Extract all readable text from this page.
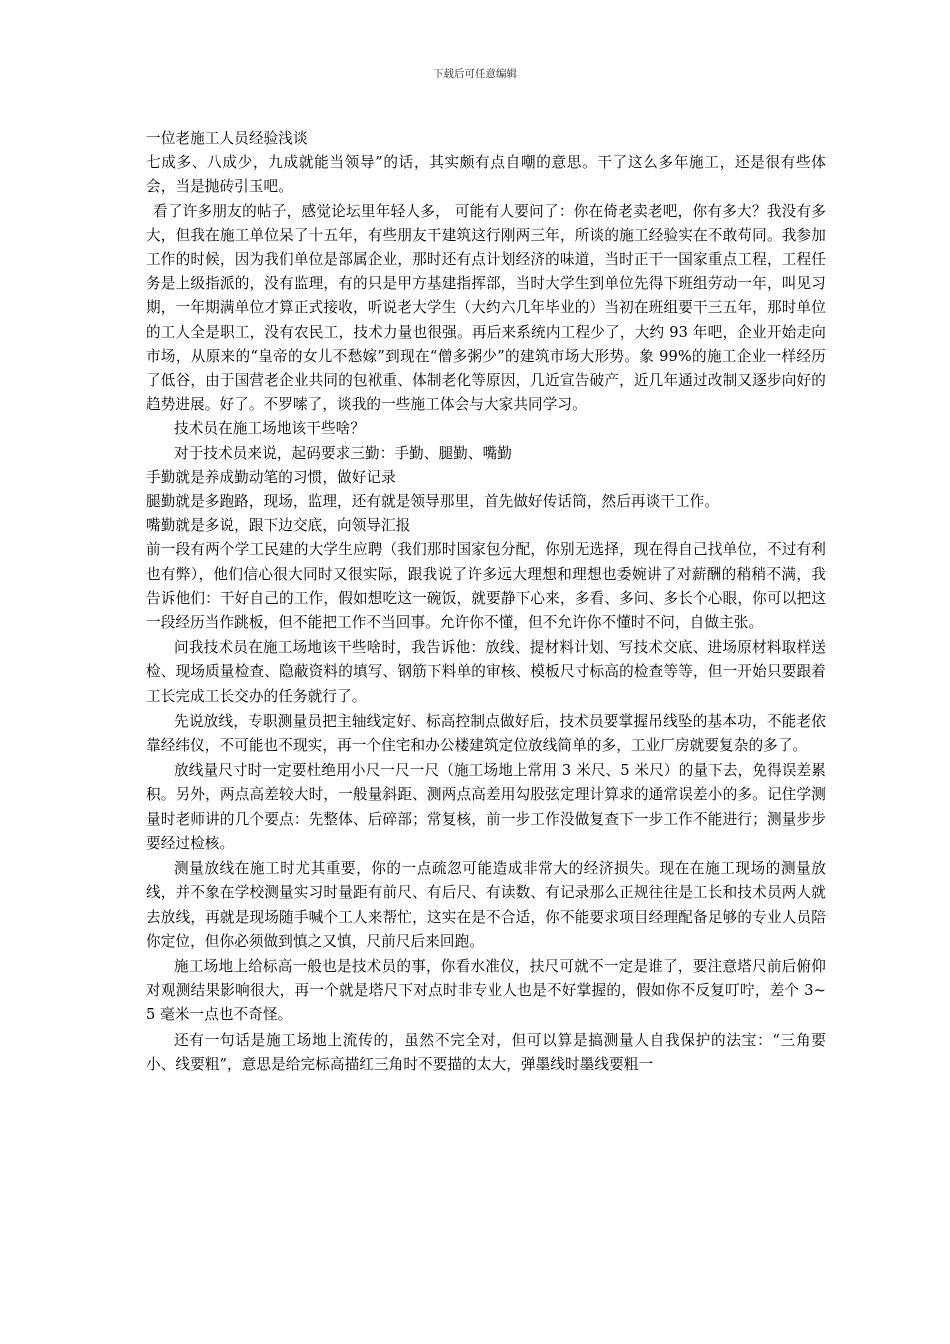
下载后可任意编辑

一位老施工人员经验浅谈

七成多、八成少，九成就能当领导”的话，其实颇有点自嘲的意思。干了这么多年施工，还是很有些体会，当是抛砖引玉吧。

看了许多朋友的帖子，感觉论坛里年轻人多， 可能有人要问了：你在倚老卖老吧，你有多大？我没有多大，但我在施工单位呆了十五年，有些朋友干建筑这行刚两三年，所谈的施工经验实在不敢苟同。我参加工作的时候，因为我们单位是部属企业，那时还有点计划经济的味道，当时正干一国家重点工程，工程任务是上级指派的，没有监理，有的只是甲方基建指挥部，当时大学生到单位先得下班组劳动一年，叫见习期，一年期满单位才算正式接收，听说老大学生（大约六几年毕业的）当初在班组要干三五年，那时单位的工人全是职工，没有农民工，技术力量也很强。再后来系统内工程少了，大约 93 年吧，企业开始走向市场，从原来的“皇帝的女儿不愁嫁”到现在“僧多粥少”的建筑市场大形势。象 99%的施工企业一样经历了低谷，由于国营老企业共同的包袱重、体制老化等原因，几近宣告破产，近几年通过改制又逐步向好的趋势进展。好了。不罗嗦了，谈我的一些施工体会与大家共同学习。

技术员在施工场地该干些啥？

对于技术员来说，起码要求三勤：手勤、腿勤、嘴勤

手勤就是养成勤动笔的习惯，做好记录

腿勤就是多跑路，现场，监理，还有就是领导那里，首先做好传话筒，然后再谈干工作。

嘴勤就是多说，跟下边交底，向领导汇报

前一段有两个学工民建的大学生应聘（我们那时国家包分配，你别无选择，现在得自己找单位，不过有利也有弊），他们信心很大同时又很实际，跟我说了许多远大理想和理想也委婉讲了对薪酬的稍稍不满，我告诉他们：干好自己的工作，假如想吃这一碗饭，就要静下心来，多看、多问、多长个心眼，你可以把这一段经历当作跳板，但不能把工作不当回事。允许你不懂，但不允许你不懂时不问，自做主张。

问我技术员在施工场地该干些啥时，我告诉他：放线、提材料计划、写技术交底、进场原材料取样送检、现场质量检查、隐蔽资料的填写、钢筋下料单的审核、模板尺寸标高的检查等等，但一开始只要跟着工长完成工长交办的任务就行了。

先说放线，专职测量员把主轴线定好、标高控制点做好后，技术员要掌握吊线坠的基本功，不能老依靠经纬仪，不可能也不现实，再一个住宅和办公楼建筑定位放线简单的多，工业厂房就要复杂的多了。

放线量尺寸时一定要杜绝用小尺一尺一尺（施工场地上常用 3 米尺、5 米尺）的量下去，免得误差累积。另外，两点高差较大时，一般量斜距、测两点高差用勾股弦定理计算求的通常误差小的多。记住学测量时老师讲的几个要点：先整体、后碎部；常复核，前一步工作没做复查下一步工作不能进行；测量步步要经过检核。

测量放线在施工时尤其重要，你的一点疏忽可能造成非常大的经济损失。现在在施工现场的测量放线，并不象在学校测量实习时量距有前尺、有后尺、有读数、有记录那么正规往往是工长和技术员两人就去放线，再就是现场随手喊个工人来帮忙，这实在是不合适，你不能要求项目经理配备足够的专业人员陪你定位，但你必须做到慎之又慎，尺前尺后来回跑。

施工场地上给标高一般也是技术员的事，你看水准仪，扶尺可就不一定是谁了，要注意塔尺前后俯仰对观测结果影响很大，再一个就是塔尺下对点时非专业人也是不好掌握的，假如你不反复叮咛，差个 3~5 毫米一点也不奇怪。

还有一句话是施工场地上流传的，虽然不完全对，但可以算是搞测量人自我保护的法宝：“三角要小、线要粗”，意思是给完标高描红三角时不要描的太大，弹墨线时墨线要粗一
